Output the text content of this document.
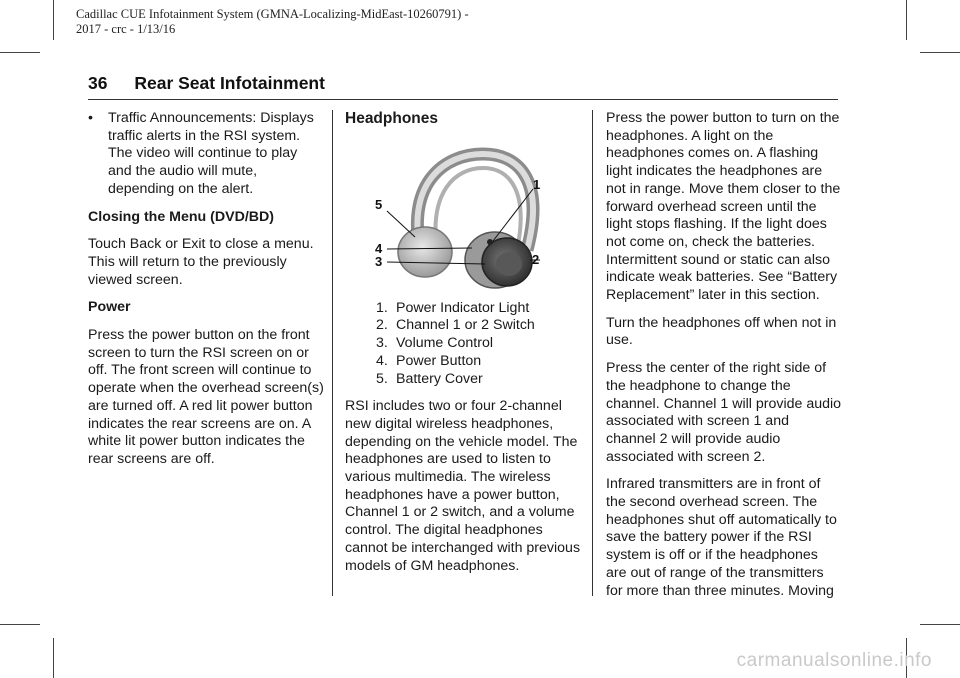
Cadillac CUE Infotainment System (GMNA-Localizing-MidEast-10260791) -
2017 - crc - 1/13/16
36 Rear Seat Infotainment
• Traffic Announcements: Displays traffic alerts in the RSI system. The video will continue to play and the audio will mute, depending on the alert.

Closing the Menu (DVD/BD)

Touch Back or Exit to close a menu. This will return to the previously viewed screen.

Power

Press the power button on the front screen to turn the RSI screen on or off. The front screen will continue to operate when the overhead screen(s) are turned off. A red lit power button indicates the rear screens are on. A white lit power button indicates the rear screens are off.

Headphones
5
1
4
3	2
1. Power Indicator Light
2. Channel 1 or 2 Switch
3. Volume Control
4. Power Button
5. Battery Cover

RSI includes two or four 2-channel new digital wireless headphones, depending on the vehicle model. The headphones are used to listen to various multimedia. The wireless headphones have a power button, Channel 1 or 2 switch, and a volume control. The digital headphones cannot be interchanged with previous models of GM headphones.

Press the power button to turn on the headphones. A light on the headphones comes on. A flashing light indicates the headphones are not in range. Move them closer to the forward overhead screen until the light stops flashing. If the light does not come on, check the batteries. Intermittent sound or static can also indicate weak batteries. See “Battery Replacement” later in this section.

Turn the headphones off when not in use.

Press the center of the right side of the headphone to change the channel. Channel 1 will provide audio associated with screen 1 and channel 2 will provide audio associated with screen 2.

Infrared transmitters are in front of the second overhead screen. The headphones shut off automatically to save the battery power if the RSI system is off or if the headphones are out of range of the transmitters for more than three minutes. Moving

carmanualsonline.info
